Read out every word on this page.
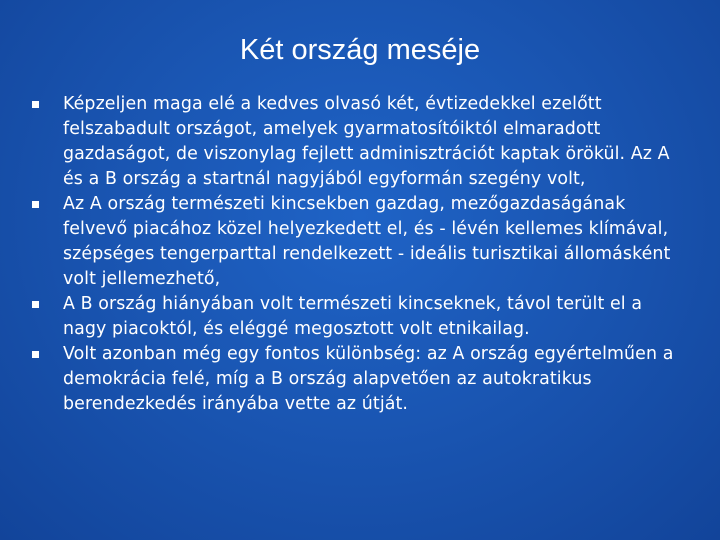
Két ország meséje
Képzeljen maga elé a kedves olvasó két, évtizedekkel ezelőtt felszabadult országot, amelyek gyarmatosítóiktól elmaradott gazdaságot, de viszonylag fejlett adminisztrációt kaptak örökül. Az A és a B ország a startnál nagyjából egyformán szegény volt,
Az A ország természeti kincsekben gazdag, mezőgazdaságának felvevő piacához közel helyezkedett el, és - lévén kellemes klímával, szépséges tengerparttal rendelkezett - ideális turisztikai állomásként volt jellemezhető,
A B ország hiányában volt természeti kincseknek, távol terült el a nagy piacoktól, és eléggé megosztott volt etnikailag.
Volt azonban még egy fontos különbség: az A ország egyértelműen a demokrácia felé, míg a B ország alapvetően az autokratikus berendezkedés irányába vette az útját.
